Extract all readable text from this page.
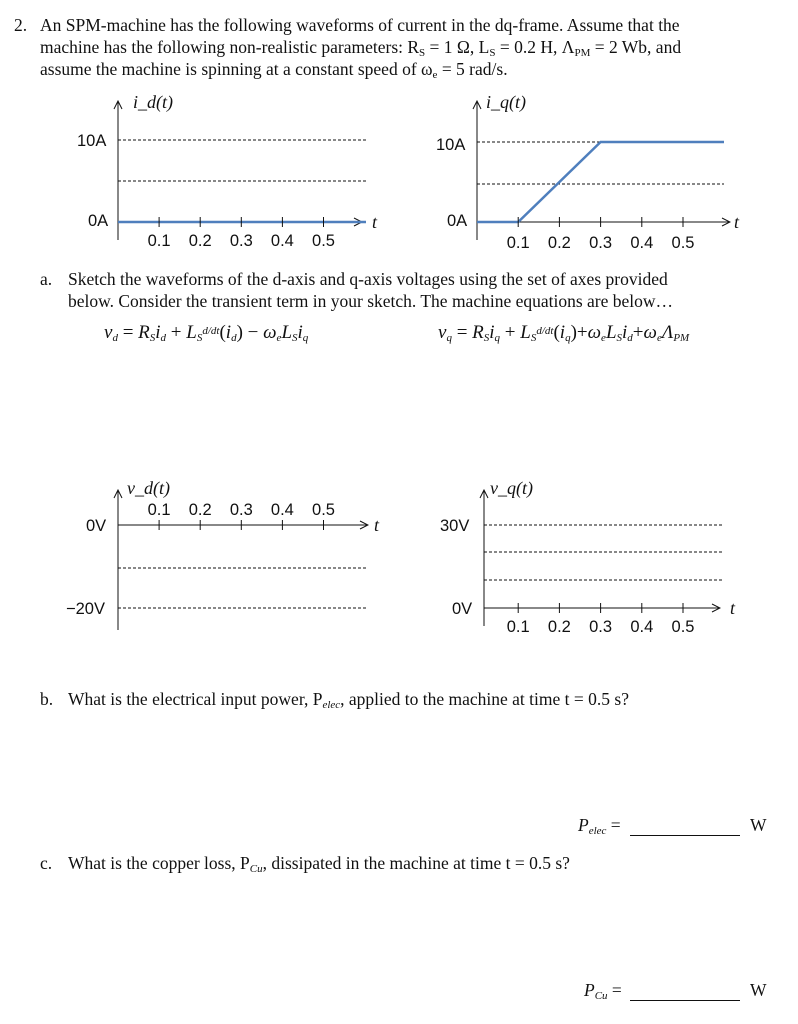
2. An SPM-machine has the following waveforms of current in the dq-frame. Assume that the
machine has the following non-realistic parameters: $R_S = 1$ Ω, $L_S = 0.2$ H, $\Lambda_{PM} = 2$ Wb, and
assume the machine is spinning at a constant speed of $\omega_e = 5$ rad/s.
a. Sketch the waveforms of the d-axis and q-axis voltages using the set of axes provided
below. Consider the transient term in your sketch. The machine equations are below…
$v_d = R_Si_d + L_S^{d/dt}(i_d) - \omega_eL_Si_q$	$v_q = R_Si_q + L_S^{d/dt}(i_q)+\omega_eL_Si_d+\omega_e\Lambda_{PM}$
0.1 0.2 0.3 0.4 0.5
10A
0A
i_d(t)
t
0.1 0.2 0.3 0.4 0.5
10A
0A
i_q(t)
t
0.1 0.2 0.3 0.4 0.5
0V
−20V
v_d(t)
t
0.1 0.2 0.3 0.4 0.5
30V
0V
v_q(t)
t
b. What is the electrical input power, $P_{elec}$, applied to the machine at time t = 0.5 s?
$P_{elec}$ =	W
c. What is the copper loss, $P_{Cu}$, dissipated in the machine at time t = 0.5 s?
$P_{Cu}$ =	W
